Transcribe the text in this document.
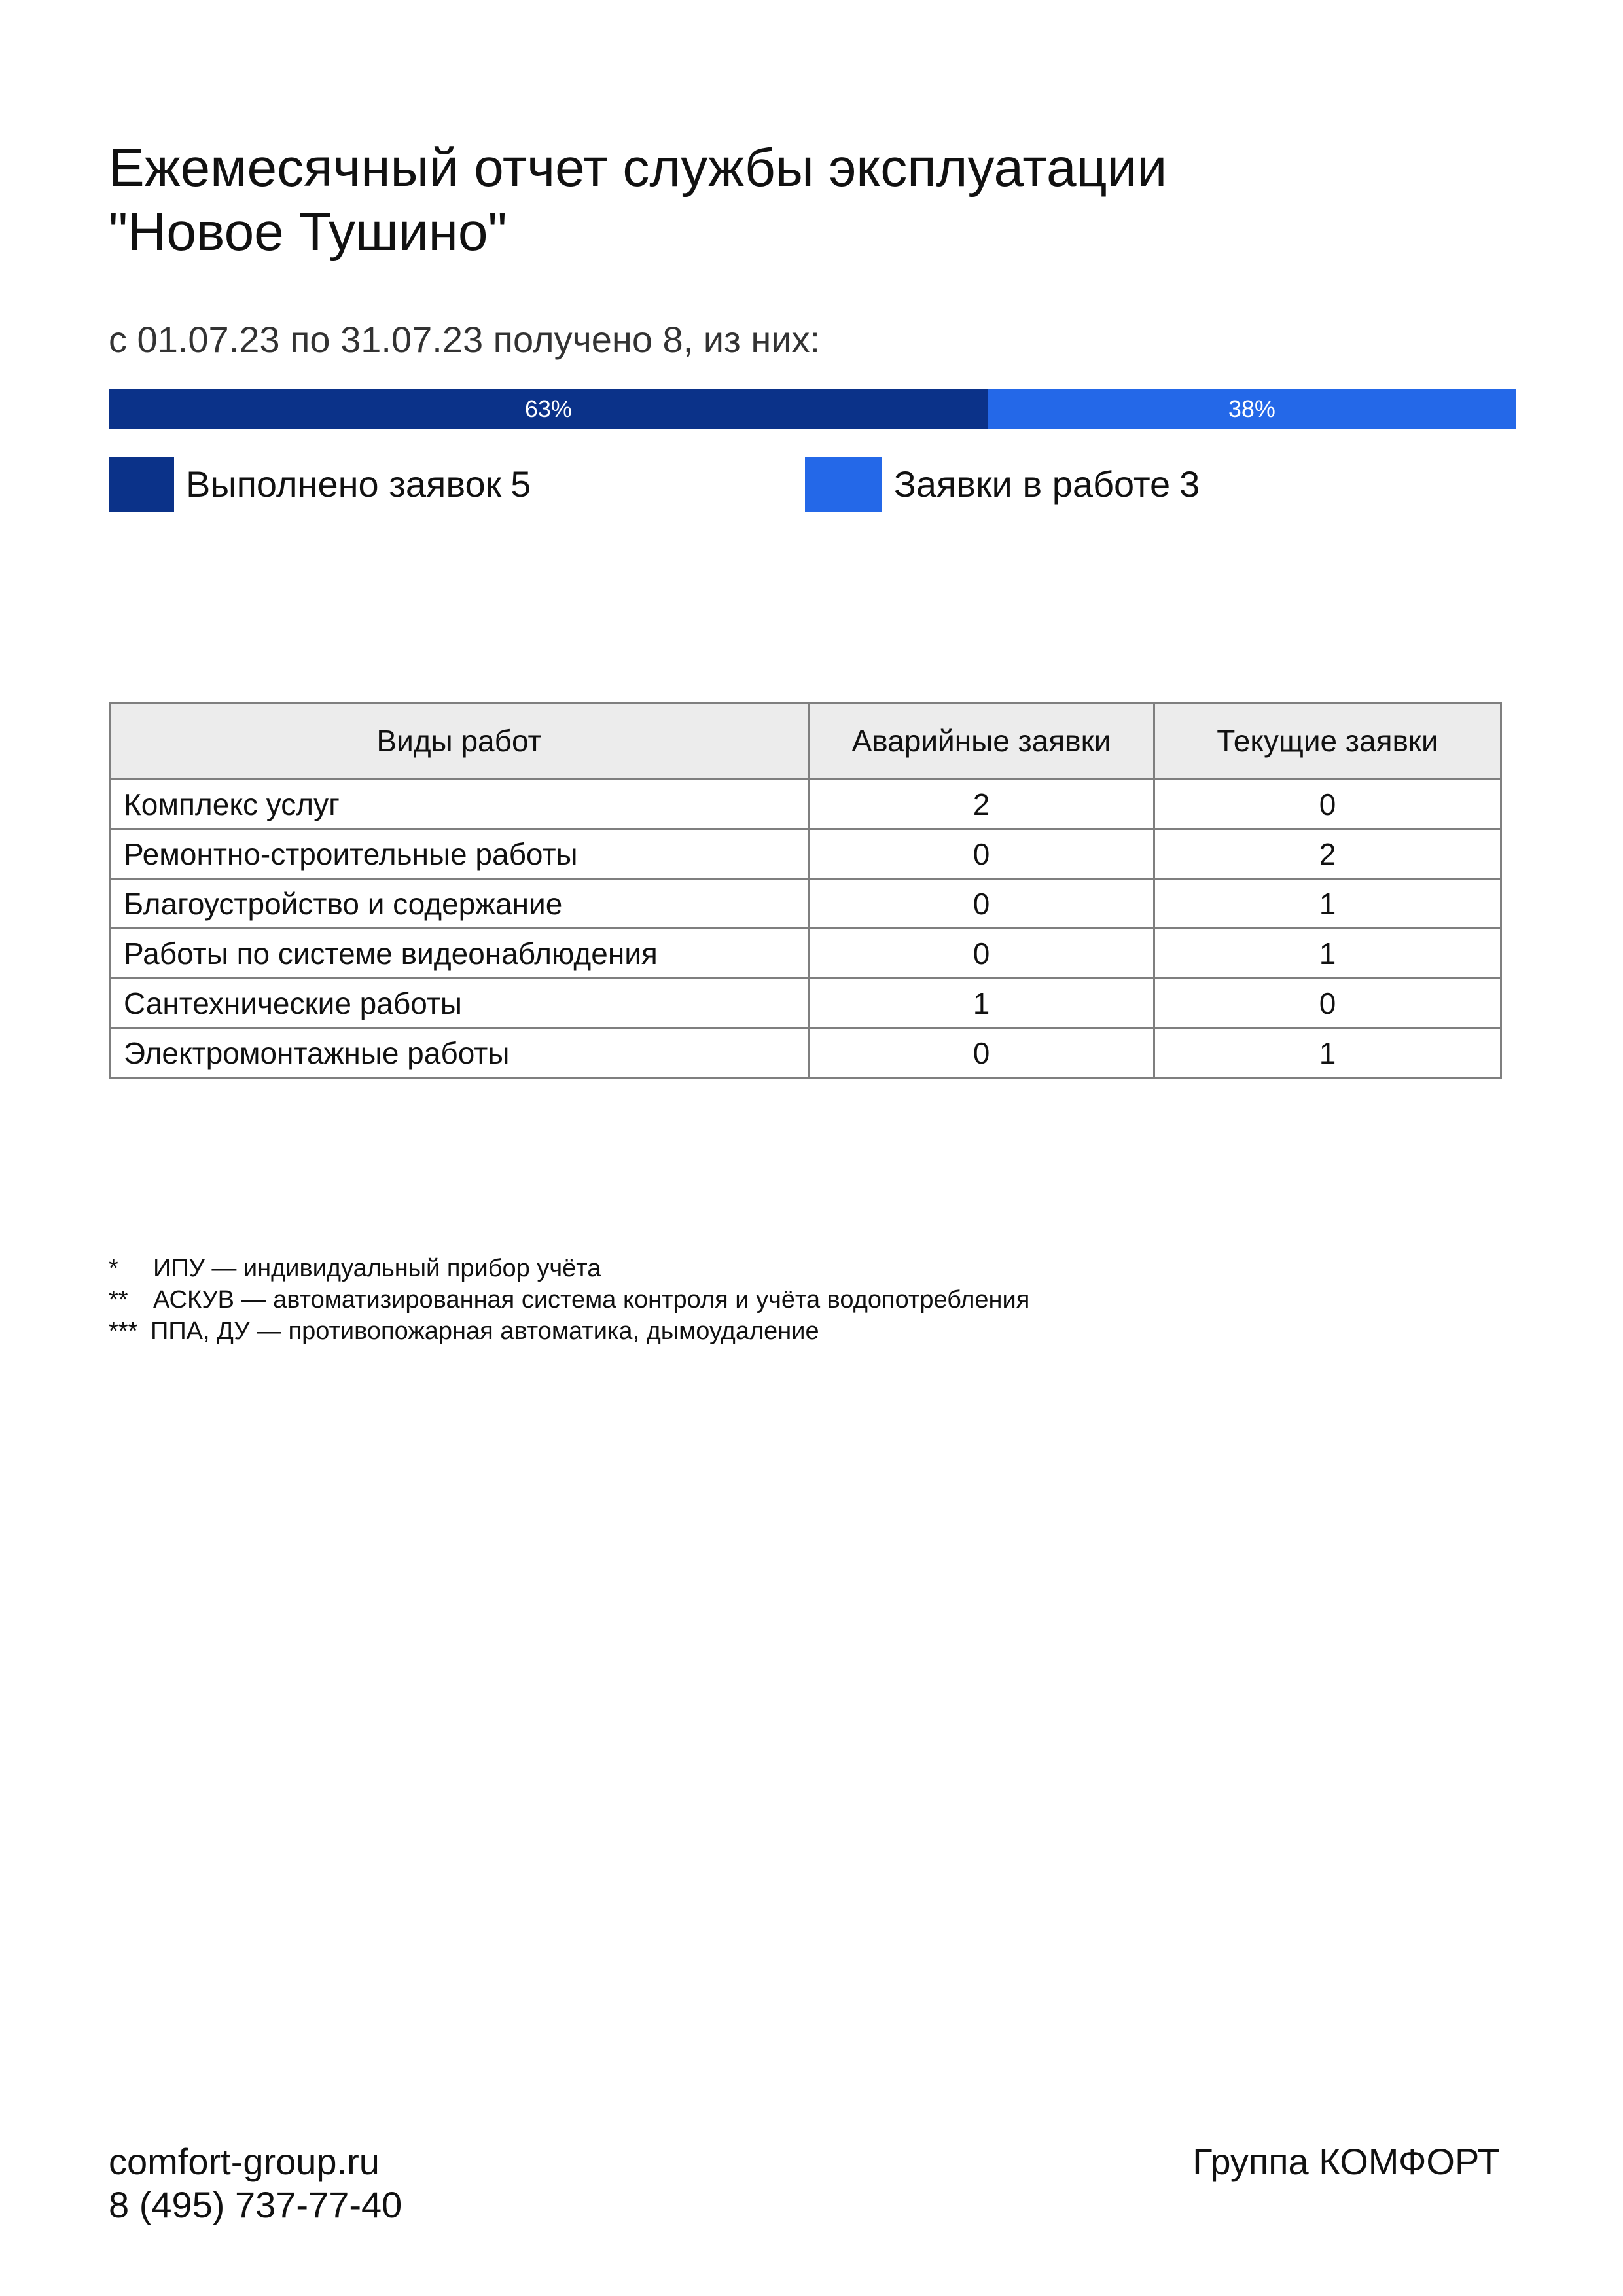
Ежемесячный отчет службы эксплуатации
"Новое Тушино"
с 01.07.23 по 31.07.23 получено 8, из них:
63%	38%
Выполнено заявок 5	Заявки в работе 3
Виды работ	Аварийные заявки	Текущие заявки
Комплекс услуг	2	0
Ремонтно-строительные работы	0	2
Благоустройство и содержание	0	1
Работы по системе видеонаблюдения	0	1
Сантехнические работы	1	0
Электромонтажные работы	0	1
*	ИПУ — индивидуальный прибор учёта
**	АСКУВ — автоматизированная система контроля и учёта водопотребления
*** ППА, ДУ — противопожарная автоматика, дымоудаление
comfort-group.ru
8 (495) 737-77-40
Группа КОМФОРТ
